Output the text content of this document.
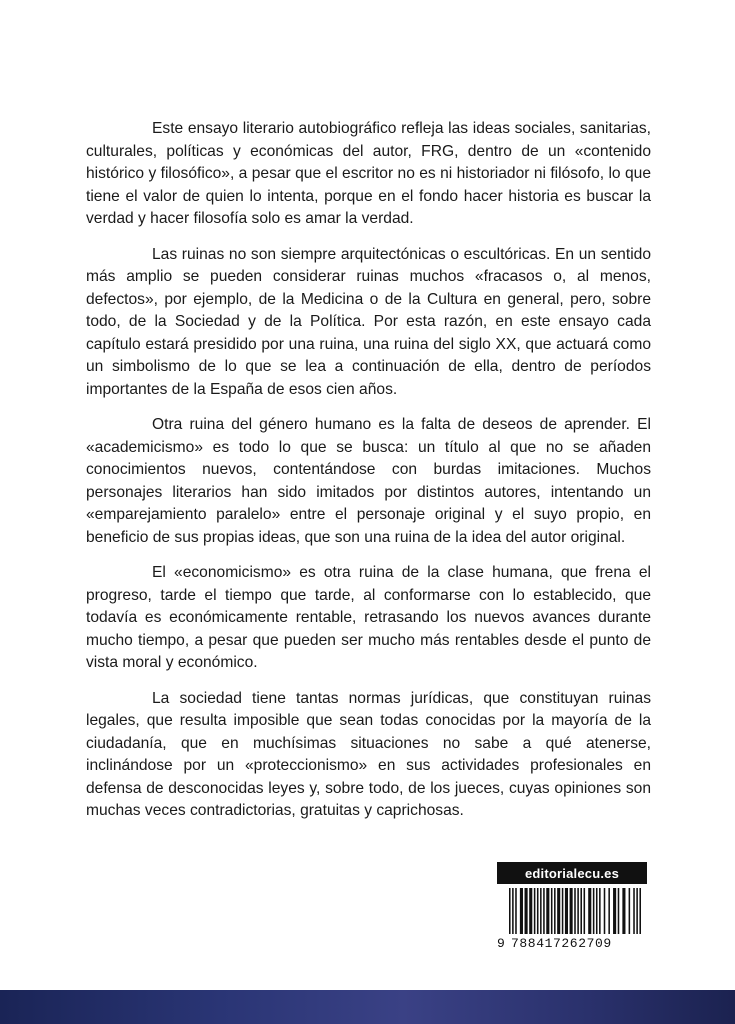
Este ensayo literario autobiográfico refleja las ideas sociales, sanitarias, culturales, políticas y económicas del autor, FRG, dentro de un «contenido histórico y filosófico», a pesar que el escritor no es ni historiador ni filósofo, lo que tiene el valor de quien lo intenta, porque en el fondo hacer historia es buscar la verdad y hacer filosofía solo es amar la verdad.

Las ruinas no son siempre arquitectónicas o escultóricas. En un sentido más amplio se pueden considerar ruinas muchos «fracasos o, al menos, defectos», por ejemplo, de la Medicina o de la Cultura en general, pero, sobre todo, de la Sociedad y de la Política. Por esta razón, en este ensayo cada capítulo estará presidido por una ruina, una ruina del siglo XX, que actuará como un simbolismo de lo que se lea a continuación de ella, dentro de períodos importantes de la España de esos cien años.

Otra ruina del género humano es la falta de deseos de aprender. El «academicismo» es todo lo que se busca: un título al que no se añaden conocimientos nuevos, contentándose con burdas imitaciones. Muchos personajes literarios han sido imitados por distintos autores, intentando un «emparejamiento paralelo» entre el personaje original y el suyo propio, en beneficio de sus propias ideas, que son una ruina de la idea del autor original.

El «economicismo» es otra ruina de la clase humana, que frena el progreso, tarde el tiempo que tarde, al conformarse con lo establecido, que todavía es económicamente rentable, retrasando los nuevos avances durante mucho tiempo, a pesar que pueden ser mucho más rentables desde el punto de vista moral y económico.

La sociedad tiene tantas normas jurídicas, que constituyan ruinas legales, que resulta imposible que sean todas conocidas por la mayoría de la ciudadanía, que en muchísimas situaciones no sabe a qué atenerse, inclinándose por un «proteccionismo» en sus actividades profesionales en defensa de desconocidas leyes y, sobre todo, de los jueces, cuyas opiniones son muchas veces contradictorias, gratuitas y caprichosas.

editorialecu.es
9 788417262709
